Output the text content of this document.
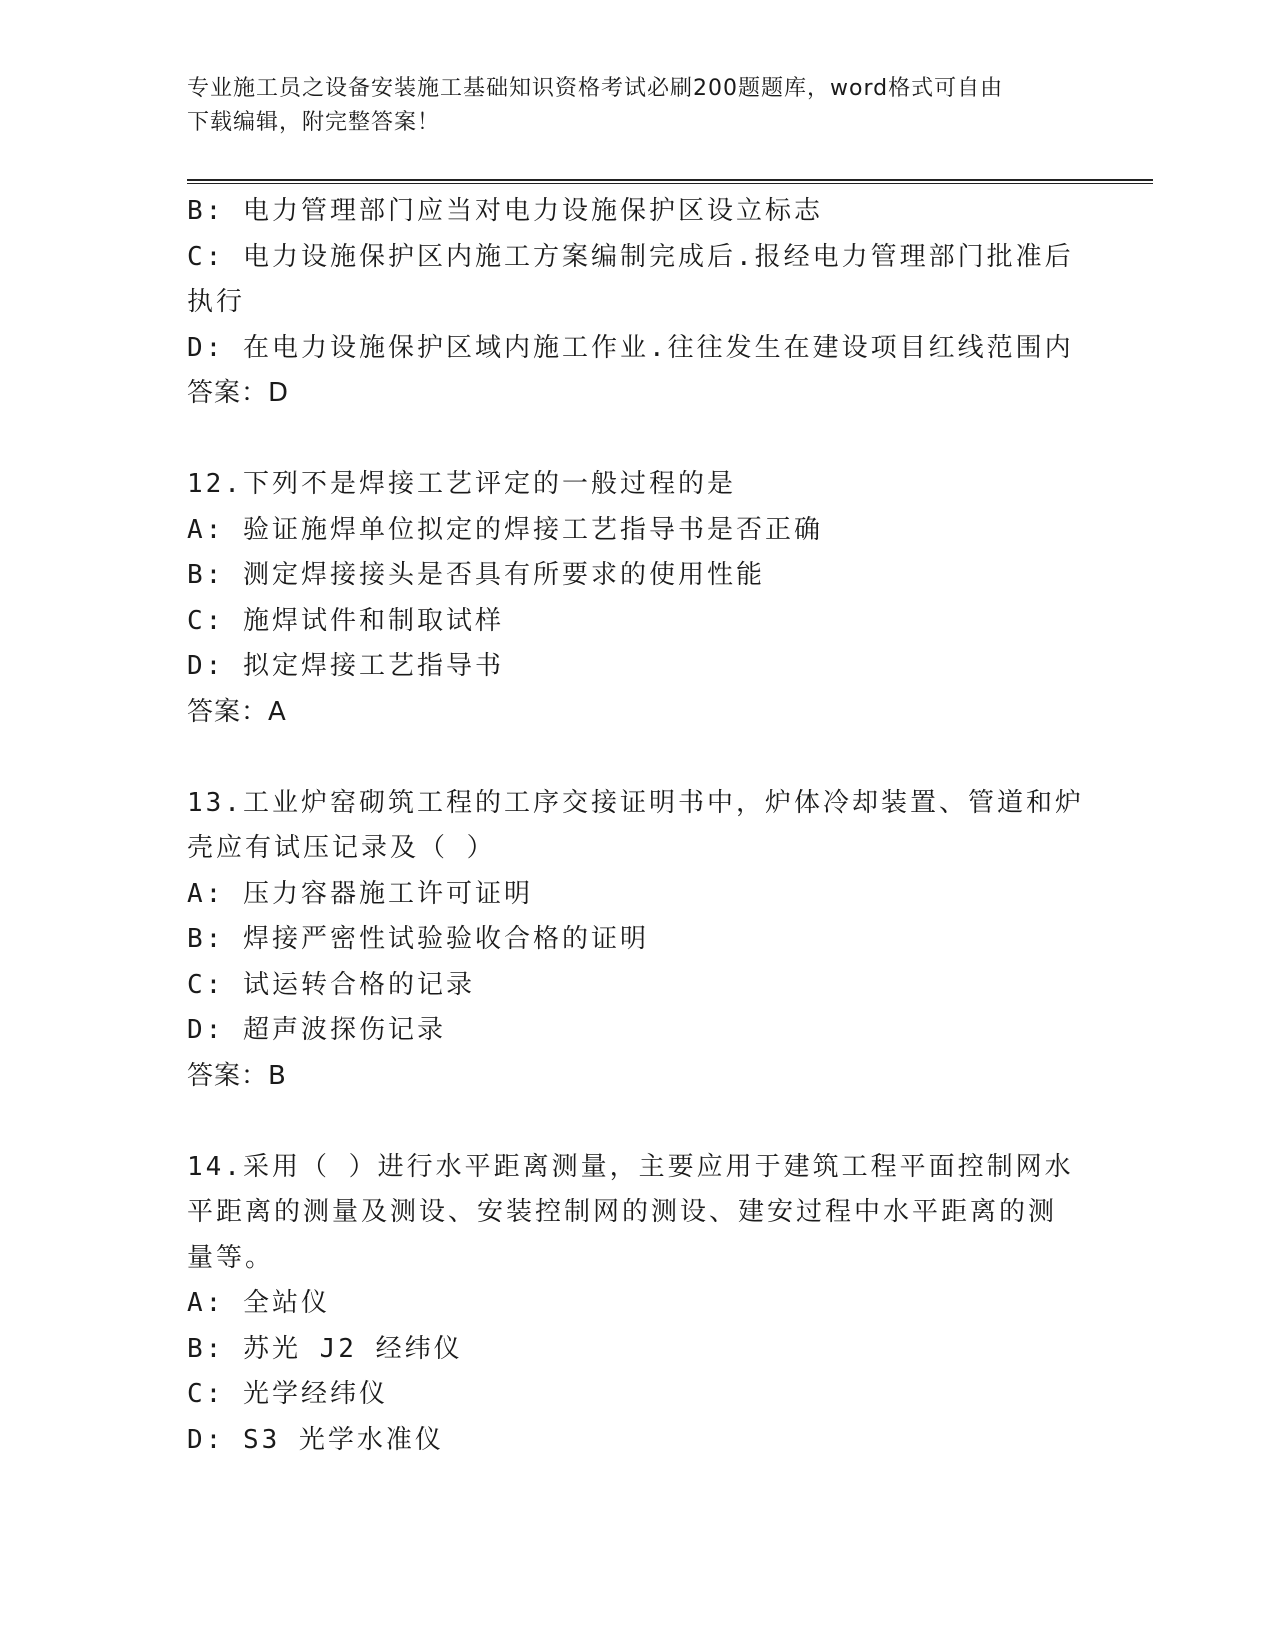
专业施工员之设备安装施工基础知识资格考试必刷200题题库，word格式可自由
下载编辑，附完整答案！
B: 电力管理部门应当对电力设施保护区设立标志
C: 电力设施保护区内施工方案编制完成后.报经电力管理部门批准后
执行
D: 在电力设施保护区域内施工作业.往往发生在建设项目红线范围内
答案：D
12.下列不是焊接工艺评定的一般过程的是
A: 验证施焊单位拟定的焊接工艺指导书是否正确
B: 测定焊接接头是否具有所要求的使用性能
C: 施焊试件和制取试样
D: 拟定焊接工艺指导书
答案：A
13.工业炉窑砌筑工程的工序交接证明书中，炉体冷却装置、管道和炉
壳应有试压记录及（ ）
A: 压力容器施工许可证明
B: 焊接严密性试验验收合格的证明
C: 试运转合格的记录
D: 超声波探伤记录
答案：B
14.采用（ ）进行水平距离测量，主要应用于建筑工程平面控制网水
平距离的测量及测设、安装控制网的测设、建安过程中水平距离的测
量等。
A: 全站仪
B: 苏光 J2 经纬仪
C: 光学经纬仪
D: S3 光学水准仪
